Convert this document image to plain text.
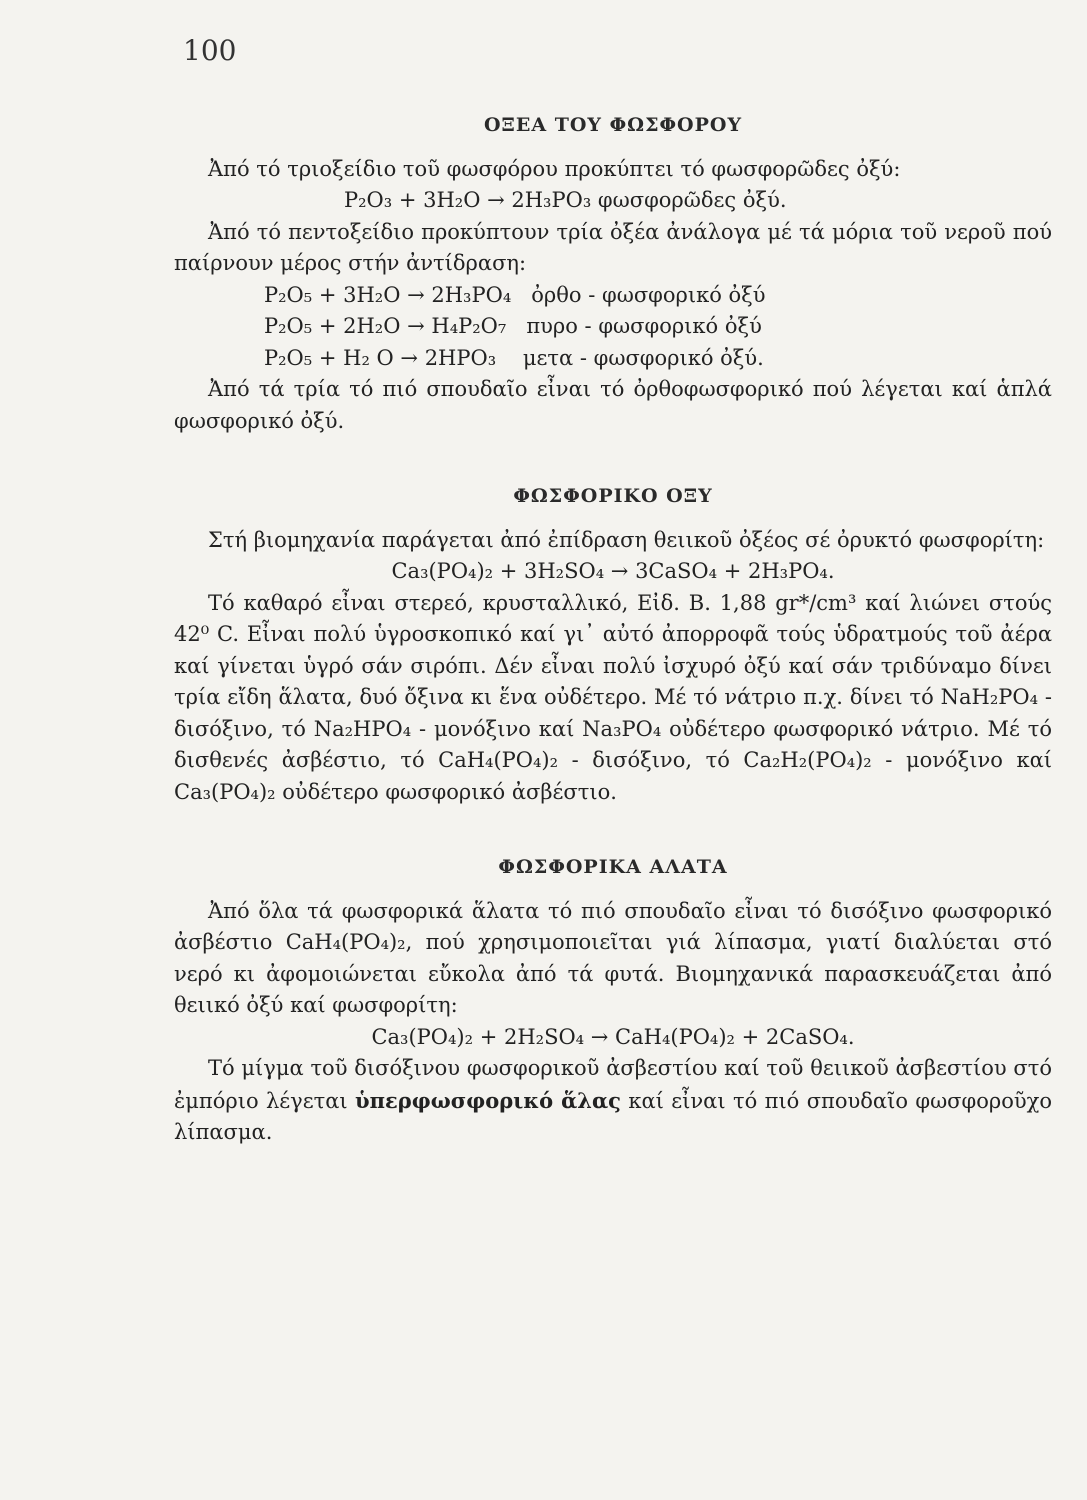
100
ΟΞΕΑ ΤΟΥ ΦΩΣΦΟΡΟΥ

Ἀπό τό τριοξείδιο τοῦ φωσφόρου προκύπτει τό φωσφορῶδες ὀξύ:

P₂O₃ + 3H₂O → 2H₃PO₃ φωσφορῶδες ὀξύ.

Ἀπό τό πεντοξείδιο προκύπτουν τρία ὀξέα ἀνάλογα μέ τά μόρια τοῦ νεροῦ πού παίρνουν μέρος στήν ἀντίδραση:

P₂O₅ + 3H₂O → 2H₃PO₄   ὀρθο - φωσφορικό ὀξύ

P₂O₅ + 2H₂O → H₄P₂O₇   πυρο - φωσφορικό ὀξύ

P₂O₅ + H₂ O → 2HPO₃    μετα - φωσφορικό ὀξύ.

Ἀπό τά τρία τό πιό σπουδαῖο εἶναι τό ὀρθοφωσφορικό πού λέγεται καί ἁπλά φωσφορικό ὀξύ.

ΦΩΣΦΟΡΙΚΟ ΟΞΥ

Στή βιομηχανία παράγεται ἀπό ἐπίδραση θειικοῦ ὀξέος σέ ὀρυκτό φωσφορίτη:

Ca₃(PO₄)₂ + 3H₂SO₄ → 3CaSO₄ + 2H₃PO₄.

Τό καθαρό εἶναι στερεό, κρυσταλλικό, Εἰδ. Β. 1,88 gr*/cm³ καί λιώνει στούς 42⁰ C. Εἶναι πολύ ὑγροσκοπικό καί γι᾽ αὐτό ἀπορροφᾶ τούς ὑδρατμούς τοῦ ἀέρα καί γίνεται ὑγρό σάν σιρόπι. Δέν εἶναι πολύ ἰσχυρό ὀξύ καί σάν τριδύναμο δίνει τρία εἴδη ἅλατα, δυό ὄξινα κι ἕνα οὐδέτερο. Μέ τό νάτριο π.χ. δίνει τό NaH₂PO₄ - δισόξινο, τό Na₂HPO₄ - μονόξινο καί Na₃PO₄ οὐδέτερο φωσφορικό νάτριο. Μέ τό δισθενές ἀσβέστιο, τό CaH₄(PO₄)₂ - δισόξινο, τό Ca₂H₂(PO₄)₂ - μονόξινο καί Ca₃(PO₄)₂ οὐδέτερο φωσφορικό ἀσβέστιο.

ΦΩΣΦΟΡΙΚΑ ΑΛΑΤΑ

Ἀπό ὅλα τά φωσφορικά ἅλατα τό πιό σπουδαῖο εἶναι τό δισόξινο φωσφορικό ἀσβέστιο CaH₄(PO₄)₂, πού χρησιμοποιεῖται γιά λίπασμα, γιατί διαλύεται στό νερό κι ἀφομοιώνεται εὔκολα ἀπό τά φυτά. Βιομηχανικά παρασκευάζεται ἀπό θειικό ὀξύ καί φωσφορίτη:

Ca₃(PO₄)₂ + 2H₂SO₄ → CaH₄(PO₄)₂ + 2CaSO₄.

Τό μίγμα τοῦ δισόξινου φωσφορικοῦ ἀσβεστίου καί τοῦ θειικοῦ ἀσβεστίου στό ἐμπόριο λέγεται ὑπερφωσφορικό ἅλας καί εἶναι τό πιό σπουδαῖο φωσφοροῦχο λίπασμα.
